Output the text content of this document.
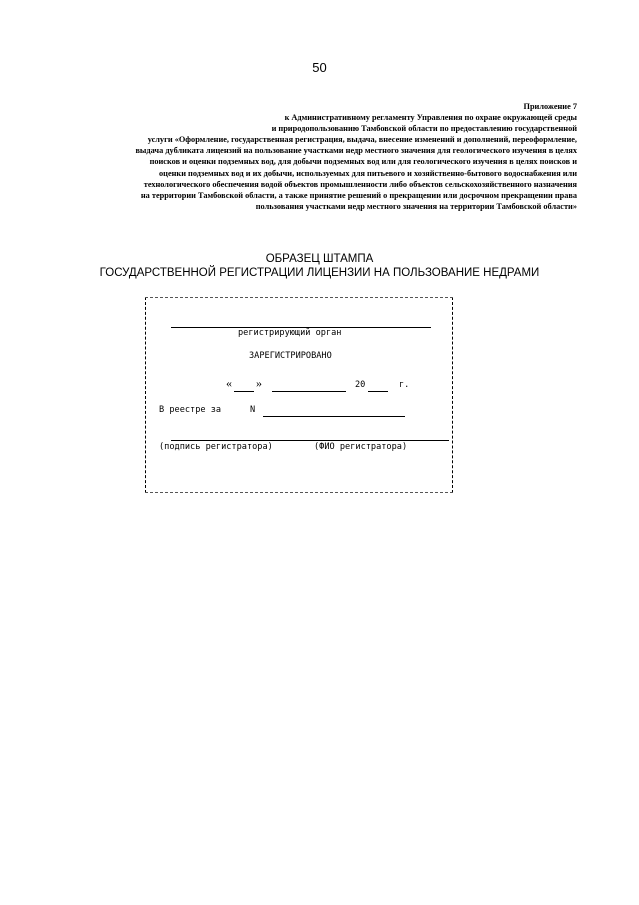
50
Приложение 7
к Административному регламенту Управления по охране окружающей среды
и природопользованию Тамбовской области по предоставлению государственной
услуги «Оформление, государственная регистрация, выдача, внесение изменений и дополнений, переоформление,
выдача дубликата лицензий на пользование участками недр местного значения для геологического изучения в целях
поисков и оценки подземных вод, для добычи подземных вод или для геологического изучения в целях поисков и
оценки подземных вод и их добычи, используемых для питьевого и хозяйственно-бытового водоснабжения или
технологического обеспечения водой объектов промышленности либо объектов сельскохозяйственного назначения
на территории Тамбовской области, а также принятие решений о прекращении или досрочном прекращении права
пользования участками недр местного значения на территории Тамбовской области»
ОБРАЗЕЦ ШТАМПА
ГОСУДАРСТВЕННОЙ РЕГИСТРАЦИИ ЛИЦЕНЗИИ НА ПОЛЬЗОВАНИЕ НЕДРАМИ
регистрирующий орган
ЗАРЕГИСТРИРОВАНО
« »	20	г.
В реестре за	N
(подпись регистратора)	(ФИО регистратора)
